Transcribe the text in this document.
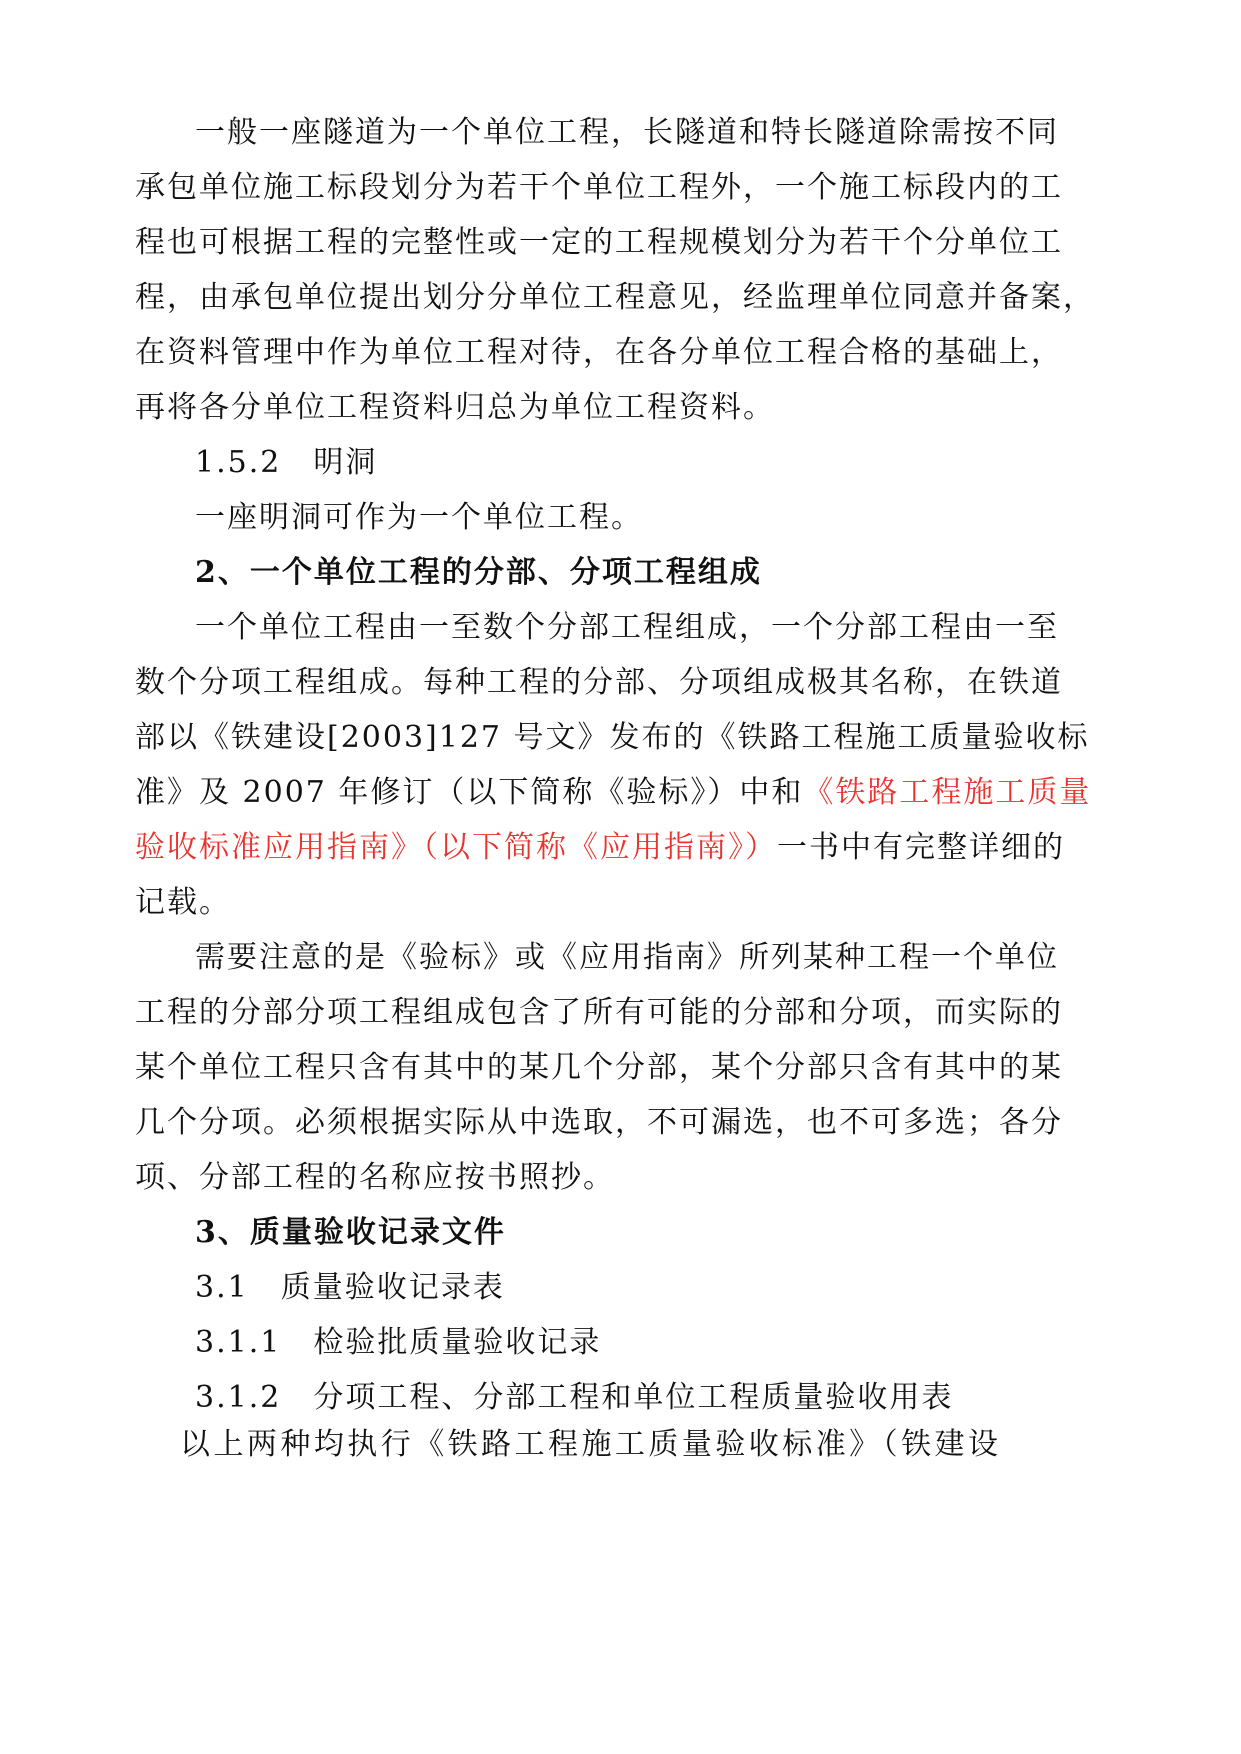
一般一座隧道为一个单位工程，长隧道和特长隧道除需按不同
承包单位施工标段划分为若干个单位工程外，一个施工标段内的工
程也可根据工程的完整性或一定的工程规模划分为若干个分单位工
程，由承包单位提出划分分单位工程意见，经监理单位同意并备案，
在资料管理中作为单位工程对待，在各分单位工程合格的基础上，
再将各分单位工程资料归总为单位工程资料。
1.5.2　明洞
一座明洞可作为一个单位工程。
2、一个单位工程的分部、分项工程组成
一个单位工程由一至数个分部工程组成，一个分部工程由一至
数个分项工程组成。每种工程的分部、分项组成极其名称，在铁道
部以《铁建设[2003]127 号文》发布的《铁路工程施工质量验收标
准》及 2007 年修订（以下简称《验标》）中和《铁路工程施工质量
验收标准应用指南》（以下简称《应用指南》）一书中有完整详细的
记载。
需要注意的是《验标》或《应用指南》所列某种工程一个单位
工程的分部分项工程组成包含了所有可能的分部和分项，而实际的
某个单位工程只含有其中的某几个分部，某个分部只含有其中的某
几个分项。必须根据实际从中选取，不可漏选，也不可多选；各分
项、分部工程的名称应按书照抄。
3、质量验收记录文件
3.1　质量验收记录表
3.1.1　检验批质量验收记录
3.1.2　分项工程、分部工程和单位工程质量验收用表
以上两种均执行《铁路工程施工质量验收标准》（铁建设
